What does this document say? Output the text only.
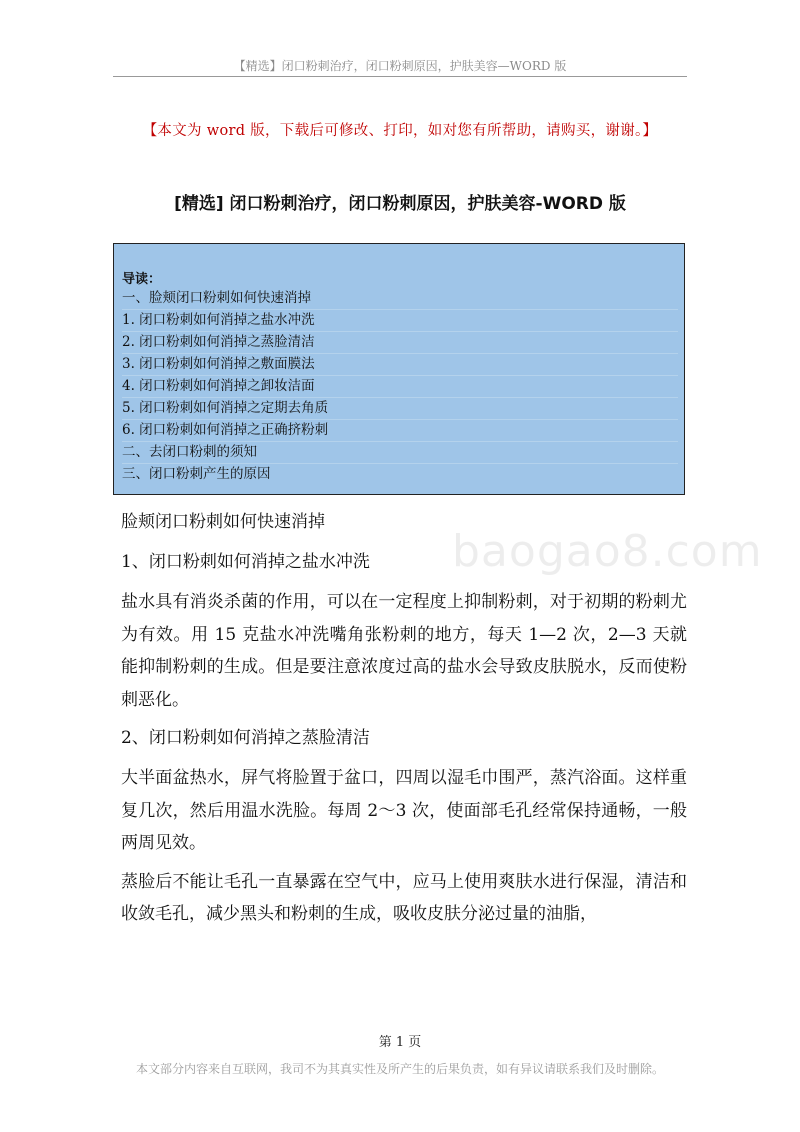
【精选】闭口粉刺治疗，闭口粉刺原因，护肤美容—WORD 版
【本文为 word 版，下载后可修改、打印，如对您有所帮助，请购买，谢谢。】
[精选] 闭口粉刺治疗，闭口粉刺原因，护肤美容-WORD 版
导读：
一、脸颊闭口粉刺如何快速消掉
1. 闭口粉刺如何消掉之盐水冲洗
2. 闭口粉刺如何消掉之蒸脸清洁
3. 闭口粉刺如何消掉之敷面膜法
4. 闭口粉刺如何消掉之卸妆洁面
5. 闭口粉刺如何消掉之定期去角质
6. 闭口粉刺如何消掉之正确挤粉刺
二、去闭口粉刺的须知
三、闭口粉刺产生的原因
baogao8.com

脸颊闭口粉刺如何快速消掉

1、闭口粉刺如何消掉之盐水冲洗

盐水具有消炎杀菌的作用，可以在一定程度上抑制粉刺，对于初期的粉刺尤为有效。用 15 克盐水冲洗嘴角张粉刺的地方，每天 1—2 次，2—3 天就能抑制粉刺的生成。但是要注意浓度过高的盐水会导致皮肤脱水，反而使粉刺恶化。

2、闭口粉刺如何消掉之蒸脸清洁

大半面盆热水，屏气将脸置于盆口，四周以湿毛巾围严，蒸汽浴面。这样重复几次，然后用温水洗脸。每周 2～3 次，使面部毛孔经常保持通畅，一般两周见效。

蒸脸后不能让毛孔一直暴露在空气中，应马上使用爽肤水进行保湿，清洁和收敛毛孔，减少黑头和粉刺的生成，吸收皮肤分泌过量的油脂，

第 1 页
本文部分内容来自互联网，我司不为其真实性及所产生的后果负责，如有异议请联系我们及时删除。
